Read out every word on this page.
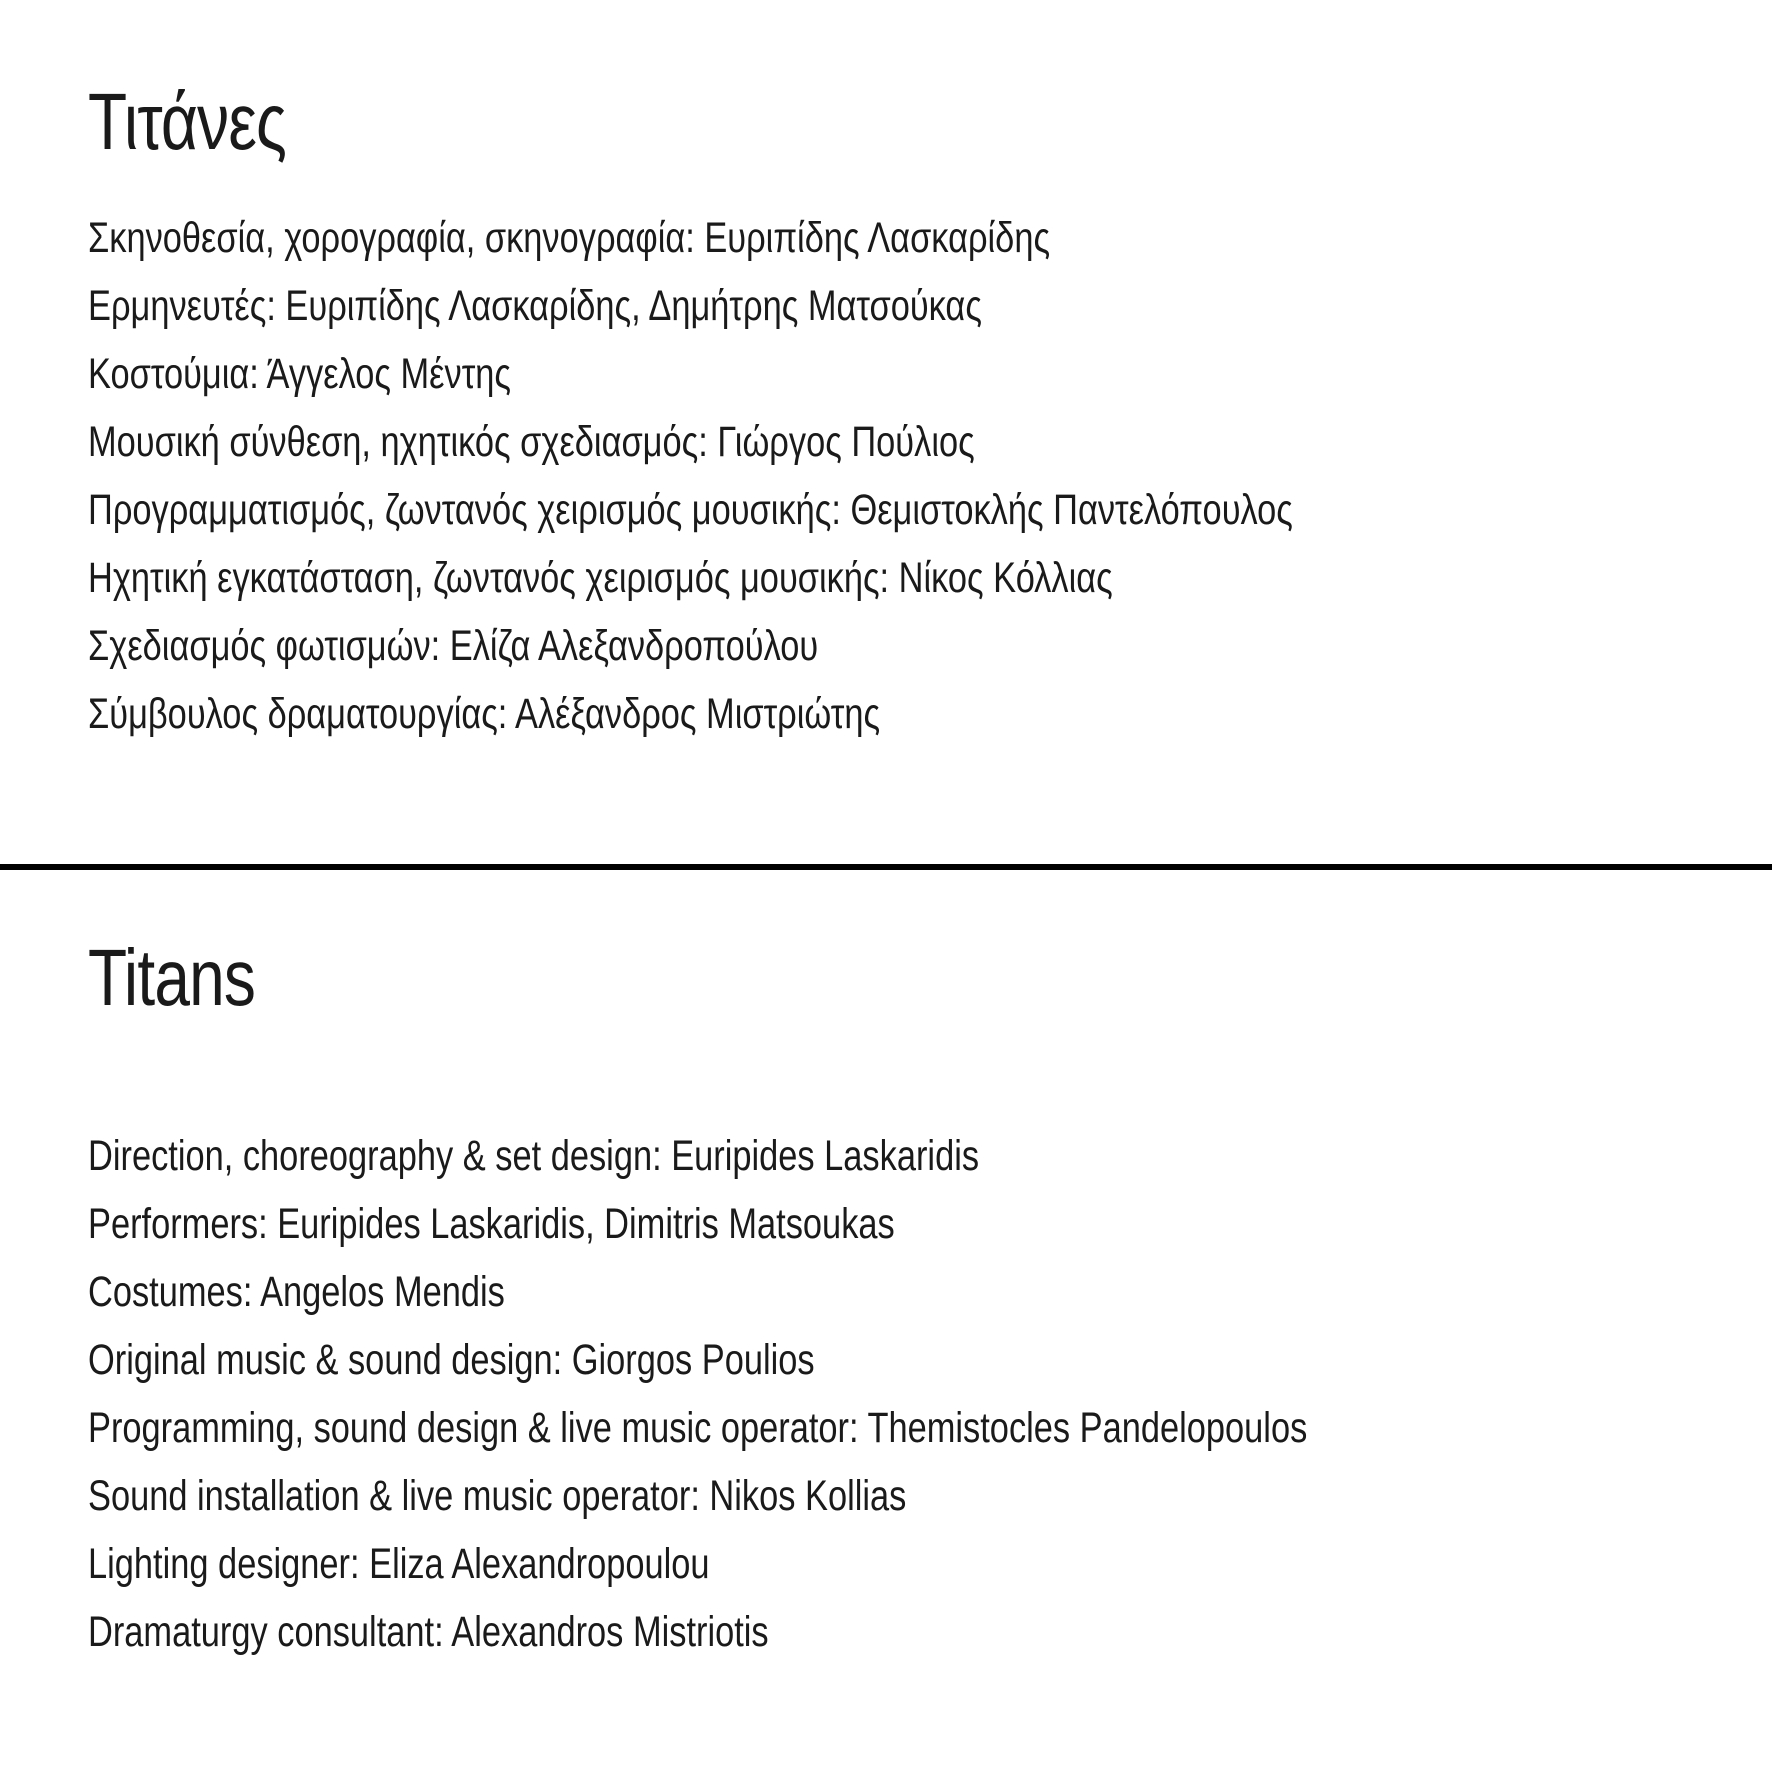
Τιτάνες
Σκηνοθεσία, χορογραφία, σκηνογραφία: Ευριπίδης Λασκαρίδης
Ερμηνευτές: Ευριπίδης Λασκαρίδης, Δημήτρης Ματσούκας
Κοστούμια: Άγγελος Μέντης
Μουσική σύνθεση, ηχητικός σχεδιασμός: Γιώργος Πούλιος
Προγραμματισμός, ζωντανός χειρισμός μουσικής: Θεμιστοκλής Παντελόπουλος
Ηχητική εγκατάσταση, ζωντανός χειρισμός μουσικής: Νίκος Κόλλιας
Σχεδιασμός φωτισμών: Ελίζα Αλεξανδροπούλου
Σύμβουλος δραματουργίας: Αλέξανδρος Μιστριώτης
Titans
Direction, choreography & set design: Euripides Laskaridis
Performers: Euripides Laskaridis, Dimitris Matsoukas
Costumes: Angelos Mendis
Original music & sound design: Giorgos Poulios
Programming, sound design & live music operator: Themistocles Pandelopoulos
Sound installation & live music operator: Nikos Kollias
Lighting designer: Eliza Alexandropoulou
Dramaturgy consultant: Alexandros Mistriotis
